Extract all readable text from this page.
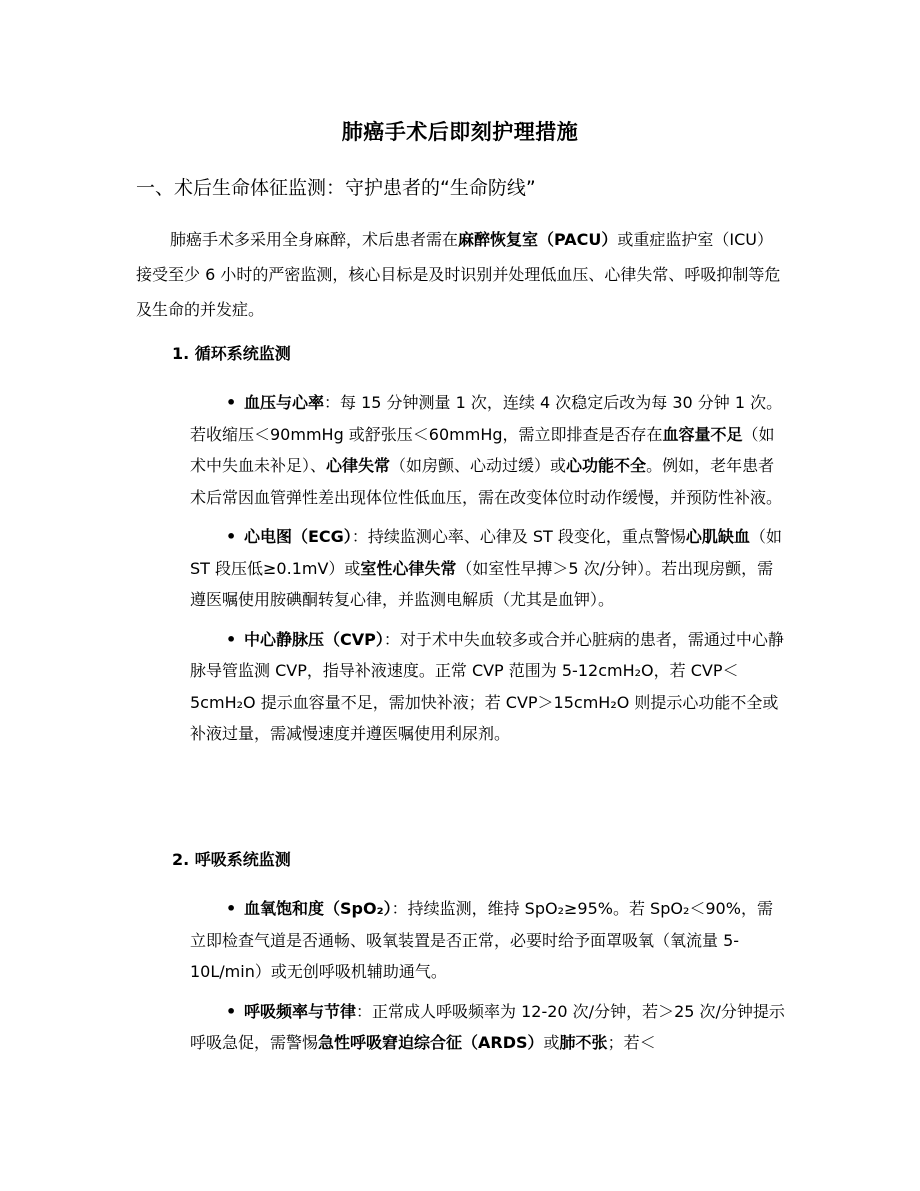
肺癌手术后即刻护理措施
一、术后生命体征监测：守护患者的“生命防线”

肺癌手术多采用全身麻醉，术后患者需在麻醉恢复室（PACU）或重症监护室（ICU）接受至少 6 小时的严密监测，核心目标是及时识别并处理低血压、心律失常、呼吸抑制等危及生命的并发症。

1. 循环系统监测

• 血压与心率：每 15 分钟测量 1 次，连续 4 次稳定后改为每 30 分钟 1 次。若收缩压＜90mmHg 或舒张压＜60mmHg，需立即排查是否存在血容量不足（如术中失血未补足）、心律失常（如房颤、心动过缓）或心功能不全。例如，老年患者术后常因血管弹性差出现体位性低血压，需在改变体位时动作缓慢，并预防性补液。
• 心电图（ECG）：持续监测心率、心律及 ST 段变化，重点警惕心肌缺血（如 ST 段压低≥0.1mV）或室性心律失常（如室性早搏＞5 次/分钟）。若出现房颤，需遵医嘱使用胺碘酮转复心律，并监测电解质（尤其是血钾）。
• 中心静脉压（CVP）：对于术中失血较多或合并心脏病的患者，需通过中心静脉导管监测 CVP，指导补液速度。正常 CVP 范围为 5-12cmH₂O，若 CVP＜5cmH₂O 提示血容量不足，需加快补液；若 CVP＞15cmH₂O 则提示心功能不全或补液过量，需减慢速度并遵医嘱使用利尿剂。

2. 呼吸系统监测

• 血氧饱和度（SpO₂）：持续监测，维持 SpO₂≥95%。若 SpO₂＜90%，需立即检查气道是否通畅、吸氧装置是否正常，必要时给予面罩吸氧（氧流量 5-10L/min）或无创呼吸机辅助通气。
• 呼吸频率与节律：正常成人呼吸频率为 12-20 次/分钟，若＞25 次/分钟提示呼吸急促，需警惕急性呼吸窘迫综合征（ARDS）或肺不张；若＜
